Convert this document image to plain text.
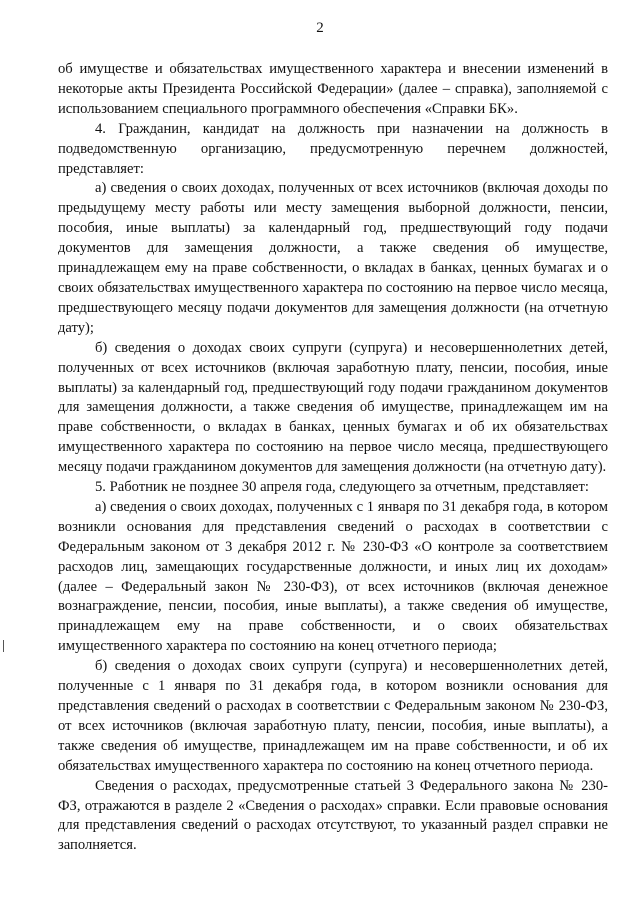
2

об имуществе и обязательствах имущественного характера и внесении изменений в некоторые акты Президента Российской Федерации» (далее – справка), заполняемой с использованием специального программного обеспечения «Справки БК».

4. Гражданин, кандидат на должность при назначении на должность в подведомственную организацию, предусмотренную перечнем должностей, представляет:

а) сведения о своих доходах, полученных от всех источников (включая доходы по предыдущему месту работы или месту замещения выборной должности, пенсии, пособия, иные выплаты) за календарный год, предшествующий году подачи документов для замещения должности, а также сведения об имуществе, принадлежащем ему на праве собственности, о вкладах в банках, ценных бумагах и о своих обязательствах имущественного характера по состоянию на первое число месяца, предшествующего месяцу подачи документов для замещения должности (на отчетную дату);

б) сведения о доходах своих супруги (супруга) и несовершеннолетних детей, полученных от всех источников (включая заработную плату, пенсии, пособия, иные выплаты) за календарный год, предшествующий году подачи гражданином документов для замещения должности, а также сведения об имуществе, принадлежащем им на праве собственности, о вкладах в банках, ценных бумагах и об их обязательствах имущественного характера по состоянию на первое число месяца, предшествующего месяцу подачи гражданином документов для замещения должности (на отчетную дату).

5. Работник не позднее 30 апреля года, следующего за отчетным, представляет:

а) сведения о своих доходах, полученных с 1 января по 31 декабря года, в котором возникли основания для представления сведений о расходах в соответствии с Федеральным законом от 3 декабря 2012 г. № 230-ФЗ «О контроле за соответствием расходов лиц, замещающих государственные должности, и иных лиц их доходам» (далее – Федеральный закон № 230-ФЗ), от всех источников (включая денежное вознаграждение, пенсии, пособия, иные выплаты), а также сведения об имуществе, принадлежащем ему на праве собственности, и о своих обязательствах имущественного характера по состоянию на конец отчетного периода;

б) сведения о доходах своих супруги (супруга) и несовершеннолетних детей, полученные с 1 января по 31 декабря года, в котором возникли основания для представления сведений о расходах в соответствии с Федеральным законом № 230-ФЗ, от всех источников (включая заработную плату, пенсии, пособия, иные выплаты), а также сведения об имуществе, принадлежащем им на праве собственности, и об их обязательствах имущественного характера по состоянию на конец отчетного периода.

Сведения о расходах, предусмотренные статьей 3 Федерального закона № 230-ФЗ, отражаются в разделе 2 «Сведения о расходах» справки. Если правовые основания для представления сведений о расходах отсутствуют, то указанный раздел справки не заполняется.
